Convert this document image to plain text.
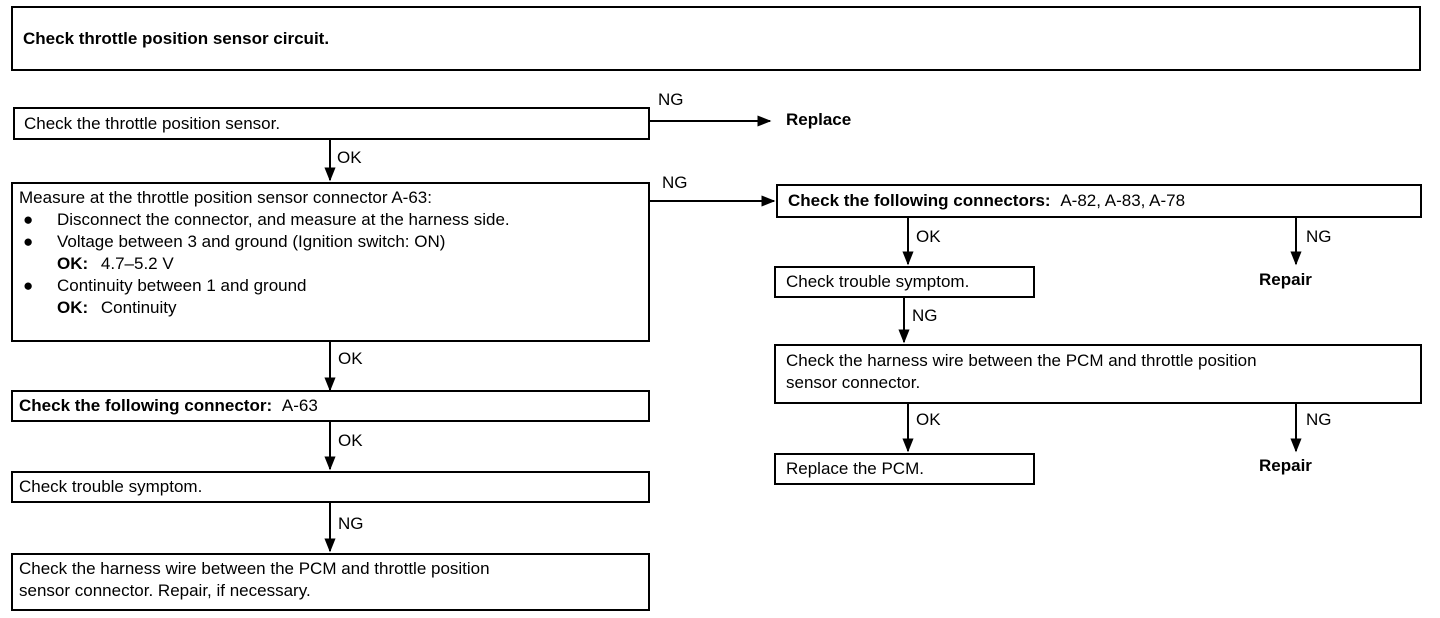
Check throttle position sensor circuit.
Check the throttle position sensor.
NG
Replace
OK
Measure at the throttle position sensor connector A-63:
● Disconnect the connector, and measure at the harness side.
● Voltage between 3 and ground (Ignition switch: ON)
OK: 4.7–5.2 V
● Continuity between 1 and ground
OK: Continuity
NG
OK
Check the following connector: A-63
OK
Check trouble symptom.
NG
Check the harness wire between the PCM and throttle position
sensor connector. Repair, if necessary.
Check the following connectors: A-82, A-83, A-78
OK	NG
Repair
Check trouble symptom.
NG
Check the harness wire between the PCM and throttle position
sensor connector.
OK	NG
Repair
Replace the PCM.
